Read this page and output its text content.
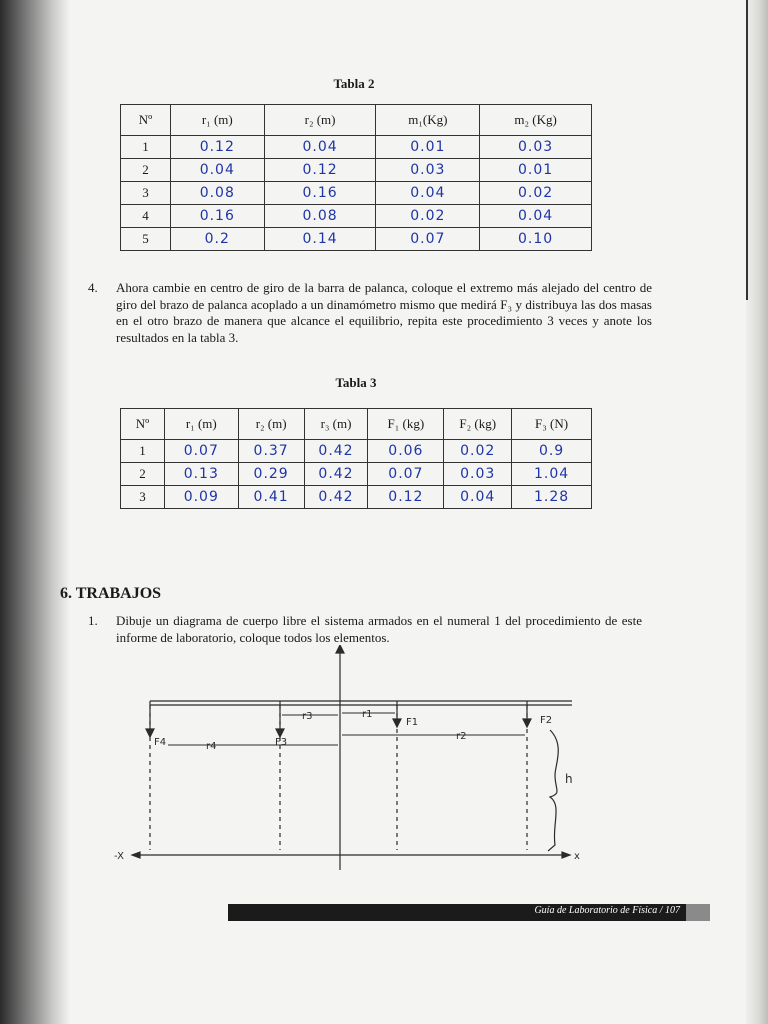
Tabla 2
Nº	r₁ (m)	r₂ (m)	m₁(Kg)	m₂ (Kg)
1	0.12	0.04	0.01	0.03
2	0.04	0.12	0.03	0.01
3	0.08	0.16	0.04	0.02
4	0.16	0.08	0.02	0.04
5	0.2	0.14	0.07	0.10
4. Ahora cambie en centro de giro de la barra de palanca, coloque el extremo más alejado del centro de giro del brazo de palanca acoplado a un dinamómetro mismo que medirá F₃ y distribuya las dos masas en el otro brazo de manera que alcance el equilibrio, repita este procedimiento 3 veces y anote los resultados en la tabla 3.
Tabla 3
Nº	r₁ (m)	r₂ (m)	r₃ (m)	F₁ (kg)	F₂ (kg)	F₃ (N)
1	0.07	0.37	0.42	0.06	0.02	0.9
2	0.13	0.29	0.42	0.07	0.03	1.04
3	0.09	0.41	0.42	0.12	0.04	1.28
6. TRABAJOS
1. Dibuje un diagrama de cuerpo libre el sistema armados en el numeral 1 del procedimiento de este informe de laboratorio, coloque todos los elementos.
F4	r4	F3
r3	r1
F1
r2
F2
h
-X	x
Guía de Laboratorio de Física / 107
